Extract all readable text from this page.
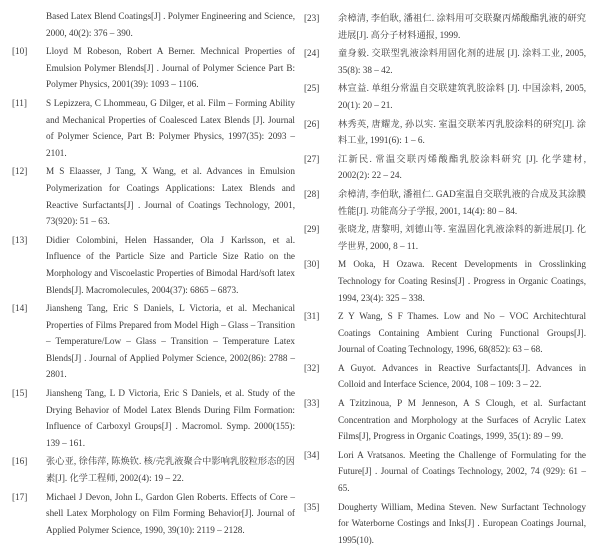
Based Latex Blend Coatings[J] . Polymer Engineering and Science, 2000, 40(2): 376 – 390.
[10] Lloyd M Robeson, Robert A Berner. Mechnical Properties of Emulsion Polymer Blends[J] . Journal of Polymer Science Part B: Polymer Physics, 2001(39): 1093 – 1106.
[11] S Lepizzera, C Lhommeau, G Dilger, et al. Film – Forming Ability and Mechanical Properties of Coalesced Latex Blends [J]. Journal of Polymer Science, Part B: Polymer Physics, 1997(35): 2093 – 2101.
[12] M S Elaasser, J Tang, X Wang, et al. Advances in Emulsion Polymerization for Coatings Applications: Latex Blends and Reactive Surfactants[J] . Journal of Coatings Technology, 2001, 73(920): 51 – 63.
[13] Didier Colombini, Helen Hassander, Ola J Karlsson, et al. Influence of the Particle Size and Particle Size Ratio on the Morphology and Viscoelastic Properties of Bimodal Hard/soft latex Blends[J]. Macromolecules, 2004(37): 6865 – 6873.
[14] Jiansheng Tang, Eric S Daniels, L Victoria, et al. Mechanical Properties of Films Prepared from Model High – Glass – Transition – Temperature/Low – Glass – Transition – Temperature Latex Blends[J] . Journal of Applied Polymer Science, 2002(86): 2788 – 2801.
[15] Jiansheng Tang, L D Victoria, Eric S Daniels, et al. Study of the Drying Behavior of Model Latex Blends During Film Formation: Influence of Carboxyl Groups[J] . Macromol. Symp. 2000(155): 139 – 161.
[16] 张心亚, 徐伟萍, 陈焕钦. 核/壳乳液聚合中影响乳胶粒形态的因素[J]. 化学工程师, 2002(4): 19 – 22.
[17] Michael J Devon, John L, Gardon Glen Roberts. Effects of Core – shell Latex Morphology on Film Forming Behavior[J]. Journal of Applied Polymer Science, 1990, 39(10): 2119 – 2128.
[23] 余樟清, 李伯耿, 潘祖仁. 涂料用可交联聚丙烯酸酯乳液的研究进展[J]. 高分子材料通报, 1999.
[24] 童身毅. 交联型乳液涂料用固化剂的进展 [J]. 涂料工业, 2005, 35(8): 38 – 42.
[25] 林宣益. 单组分常温自交联建筑乳胶涂料 [J]. 中国涂料, 2005, 20(1): 20 – 21.
[26] 林秀英, 唐耀龙, 孙以实. 室温交联苯丙乳胶涂料的研究[J]. 涂料工业, 1991(6): 1 – 6.
[27] 江新民. 常温交联丙烯酸酯乳胶涂料研究 [J]. 化学建材, 2002(2): 22 – 24.
[28] 余樟清, 李伯耿, 潘祖仁. GAD室温自交联乳液的合成及其涂膜性能[J]. 功能高分子学报, 2001, 14(4): 80 – 84.
[29] 张晓龙, 唐黎明, 刘德山等. 室温固化乳液涂料的新进展[J]. 化学世界, 2000, 8 – 11.
[30] M Ooka, H Ozawa. Recent Developments in Crosslinking Technology for Coating Resins[J] . Progress in Organic Coatings, 1994, 23(4): 325 – 338.
[31] Z Y Wang, S F Thames. Low and No – VOC Architechtural Coatings Containing Ambient Curing Functional Groups[J]. Journal of Coating Technology, 1996, 68(852): 63 – 68.
[32] A Guyot. Advances in Reactive Surfactants[J]. Advances in Colloid and Interface Science, 2004, 108 – 109: 3 – 22.
[33] A Tzitzinoua, P M Jenneson, A S Clough, et al. Surfactant Concentration and Morphology at the Surfaces of Acrylic Latex Films[J], Progress in Organic Coatings, 1999, 35(1): 89 – 99.
[34] Lori A Vratsanos. Meeting the Challenge of Formulating for the Future[J] . Journal of Coatings Technology, 2002, 74 (929): 61 – 65.
[35] Dougherty William, Medina Steven. New Surfactant Technology for Waterborne Costings and Inks[J] . European Coatings Journal, 1995(10).
